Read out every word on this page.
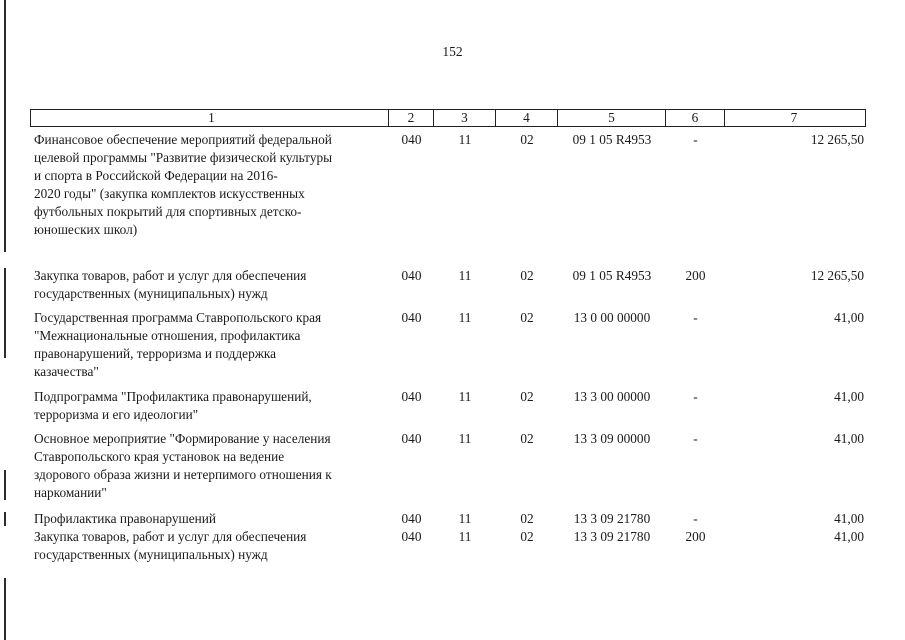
152
1	2	3	4	5	6	7
Финансовое обеспечение мероприятий федеральной
целевой программы "Развитие физической культуры
и спорта в Российской Федерации на 2016-
2020 годы" (закупка комплектов искусственных
футбольных покрытий для спортивных детско-
юношеских школ)
040	11	02	09 1 05 R4953	-	12 265,50
Закупка товаров, работ и услуг для обеспечения
государственных (муниципальных) нужд
040	11	02	09 1 05 R4953	200	12 265,50
Государственная программа Ставропольского края
"Межнациональные отношения, профилактика
правонарушений, терроризма и поддержка
казачества"
040	11	02	13 0 00 00000	-	41,00
Подпрограмма "Профилактика правонарушений,
терроризма и его идеологии"
040	11	02	13 3 00 00000	-	41,00
Основное мероприятие "Формирование у населения
Ставропольского края установок на ведение
здорового образа жизни и нетерпимого отношения к
наркомании"
040	11	02	13 3 09 00000	-	41,00
Профилактика правонарушений	040	11	02	13 3 09 21780	-	41,00
Закупка товаров, работ и услуг для обеспечения
государственных (муниципальных) нужд
040	11	02	13 3 09 21780	200	41,00
